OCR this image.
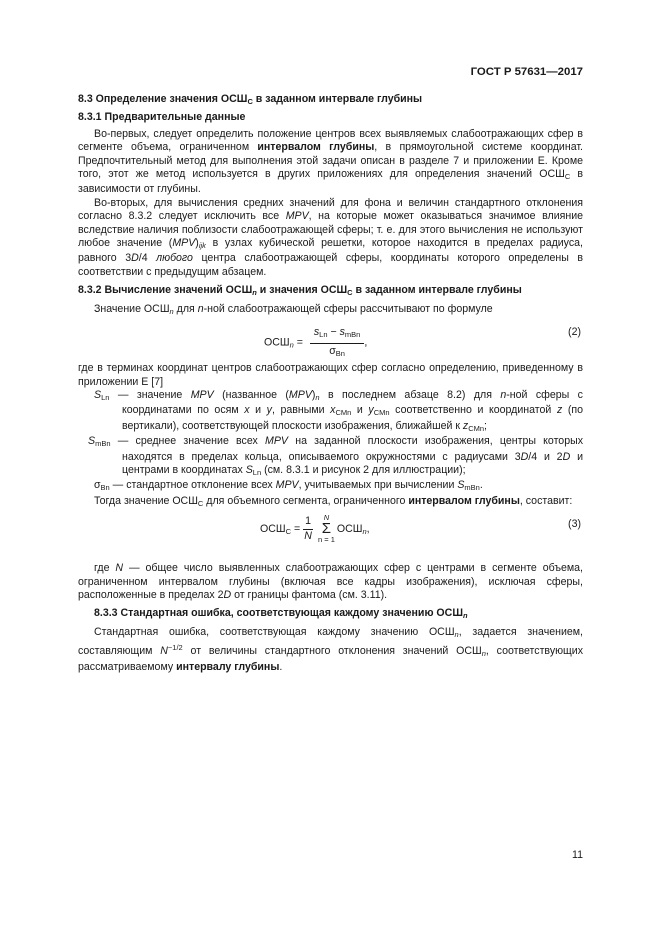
ГОСТ Р 57631—2017
8.3 Определение значения $ОСШ_C$ в заданном интервале глубины
8.3.1 Предварительные данные

Во-первых, следует определить положение центров всех выявляемых слабоотражающих сфер в сегменте объема, ограниченном интервалом глубины, в прямоугольной системе координат. Предпочтительный метод для выполнения этой задачи описан в разделе 7 и приложении Е. Кроме того, этот же метод используется в других приложениях для определения значений $ОСШ_C$ в зависимости от глубины.

Во-вторых, для вычисления средних значений для фона и величин стандартного отклонения согласно 8.3.2 следует исключить все MPV, на которые может оказываться значимое влияние вследствие наличия поблизости слабоотражающей сферы; т. е. для этого вычисления не используют любое значение $(MPV)_{ijk}$ в узлах кубической решетки, которое находится в пределах радиуса, равного 3D/4 любого центра слабоотражающей сферы, координаты которого определены в соответствии с предыдущим абзацем.

8.3.2 Вычисление значений $ОСШ_n$ и значения $ОСШ_C$ в заданном интервале глубины

Значение $ОСШ_n$ для n-ной слабоотражающей сферы рассчитывают по формуле

$ОСШ_n = \frac{s_{Ln} - s_{mBn}}{\sigma_{Bn}}$ ,
(2)

где в терминах координат центров слабоотражающих сфер согласно определению, приведенному в приложении Е [7]

$S_{Ln}$ — значение MPV (названное $(MPV)_n$ в последнем абзаце 8.2) для n-ной сферы с координатами по осям x и y, равными $x_{CMn}$ и $y_{CMn}$ соответственно и координатой z (по вертикали), соответствующей плоскости изображения, ближайшей к $z_{CMn}$;
$S_{mBn}$ — среднее значение всех MPV на заданной плоскости изображения, центры которых находятся в пределах кольца, описываемого окружностями с радиусами 3D/4 и 2D и центрами в координатах $S_{Ln}$ (см. 8.3.1 и рисунок 2 для иллюстрации);
$\sigma_{Bn}$ — стандартное отклонение всех MPV, учитываемых при вычислении $S_{mBn}$.

Тогда значение $ОСШ_C$ для объемного сегмента, ограниченного интервалом глубины, составит:

$ОСШ_C = \frac{1}{N}$ N
Σ
$n = 1ОСШ_n$,	(3)

где N — общее число выявленных слабоотражающих сфер с центрами в сегменте объема, ограниченном интервалом глубины (включая все кадры изображения), исключая сферы, расположенные в пределах 2D от границы фантома (см. 3.11).

8.3.3 Стандартная ошибка, соответствующая каждому значению $ОСШ_n$

Стандартная ошибка, соответствующая каждому значению $ОСШ_n$, задается значением, составляющим $N^{-1/2}$ от величины стандартного отклонения значений $ОСШ_n$, соответствующих рассматриваемому интервалу глубины.

11
